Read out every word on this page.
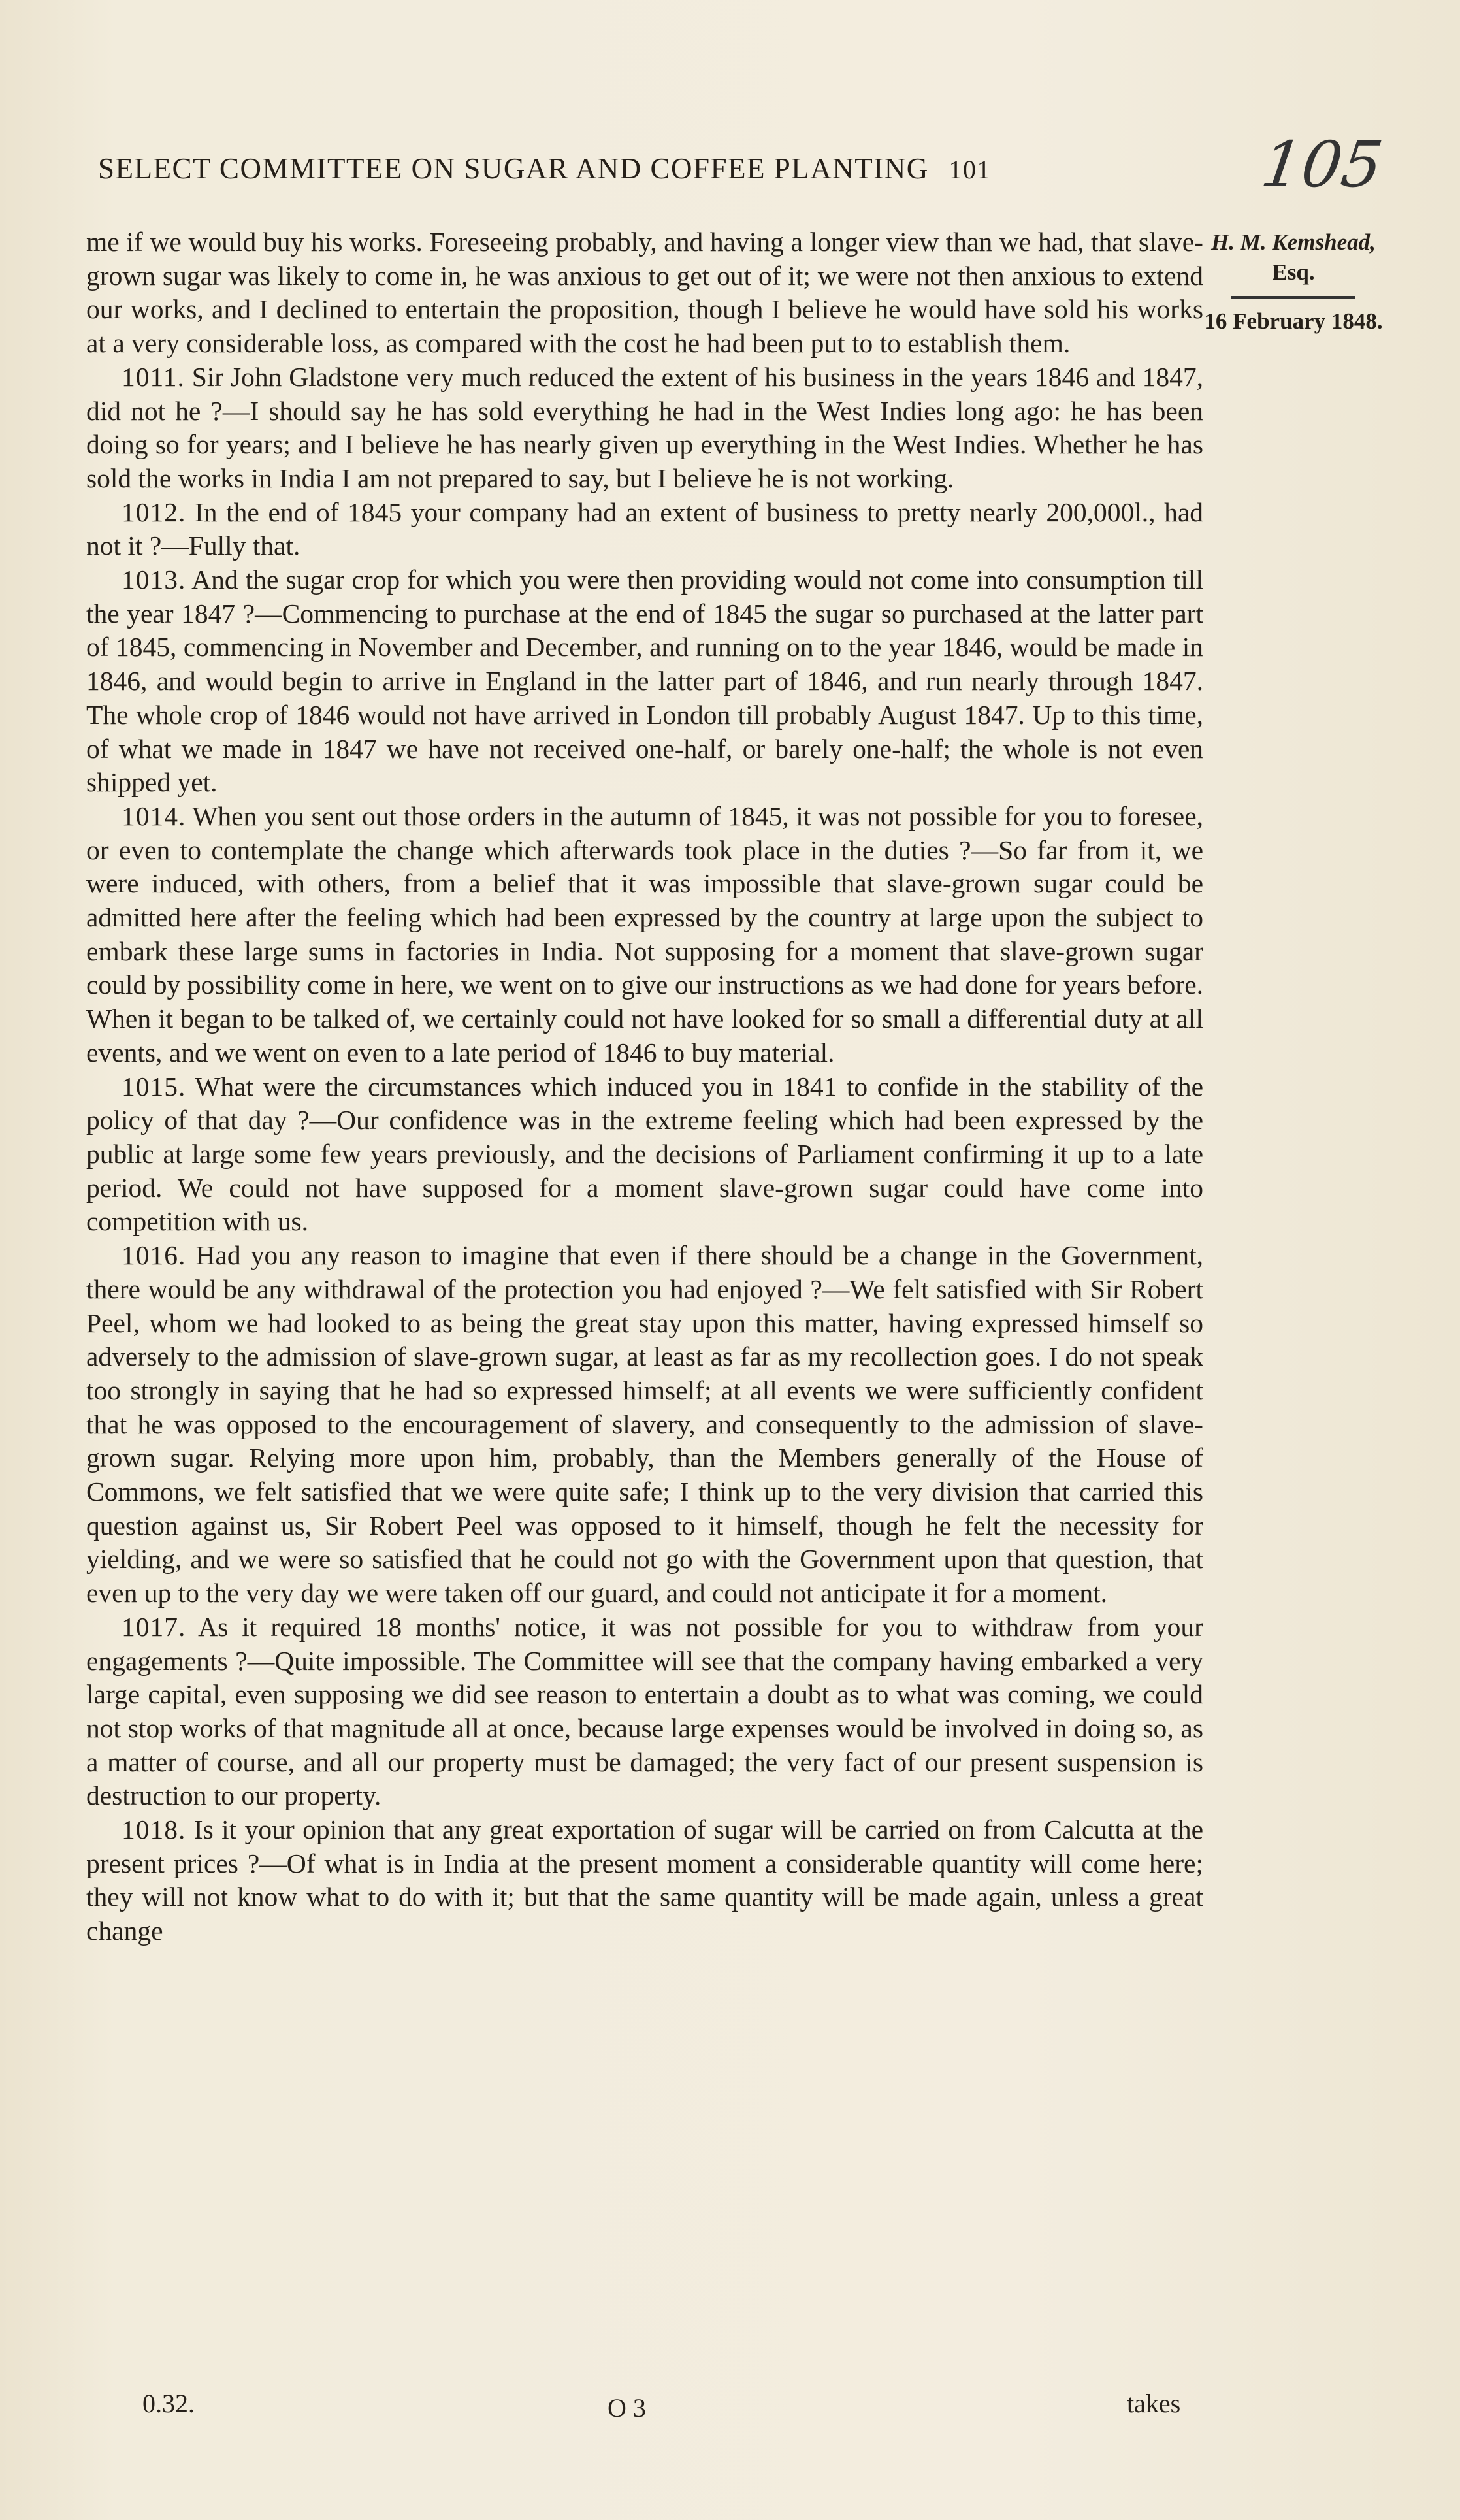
SELECT COMMITTEE ON SUGAR AND COFFEE PLANTING 101	105
H. M. Kemshead,
Esq.
16 February 1848.

me if we would buy his works. Foreseeing probably, and having a longer view than we had, that slave-grown sugar was likely to come in, he was anxious to get out of it; we were not then anxious to extend our works, and I declined to entertain the proposition, though I believe he would have sold his works at a very considerable loss, as compared with the cost he had been put to to establish them.

1011. Sir John Gladstone very much reduced the extent of his business in the years 1846 and 1847, did not he ?—I should say he has sold everything he had in the West Indies long ago: he has been doing so for years; and I believe he has nearly given up everything in the West Indies. Whether he has sold the works in India I am not prepared to say, but I believe he is not working.

1012. In the end of 1845 your company had an extent of business to pretty nearly 200,000l., had not it ?—Fully that.

1013. And the sugar crop for which you were then providing would not come into consumption till the year 1847 ?—Commencing to purchase at the end of 1845 the sugar so purchased at the latter part of 1845, commencing in November and December, and running on to the year 1846, would be made in 1846, and would begin to arrive in England in the latter part of 1846, and run nearly through 1847. The whole crop of 1846 would not have arrived in London till probably August 1847. Up to this time, of what we made in 1847 we have not received one-half, or barely one-half; the whole is not even shipped yet.

1014. When you sent out those orders in the autumn of 1845, it was not possible for you to foresee, or even to contemplate the change which afterwards took place in the duties ?—So far from it, we were induced, with others, from a belief that it was impossible that slave-grown sugar could be admitted here after the feeling which had been expressed by the country at large upon the subject to embark these large sums in factories in India. Not supposing for a moment that slave-grown sugar could by possibility come in here, we went on to give our instructions as we had done for years before. When it began to be talked of, we certainly could not have looked for so small a differential duty at all events, and we went on even to a late period of 1846 to buy material.

1015. What were the circumstances which induced you in 1841 to confide in the stability of the policy of that day ?—Our confidence was in the extreme feeling which had been expressed by the public at large some few years previously, and the decisions of Parliament confirming it up to a late period. We could not have supposed for a moment slave-grown sugar could have come into competition with us.

1016. Had you any reason to imagine that even if there should be a change in the Government, there would be any withdrawal of the protection you had enjoyed ?—We felt satisfied with Sir Robert Peel, whom we had looked to as being the great stay upon this matter, having expressed himself so adversely to the admission of slave-grown sugar, at least as far as my recollection goes. I do not speak too strongly in saying that he had so expressed himself; at all events we were sufficiently confident that he was opposed to the encouragement of slavery, and consequently to the admission of slave-grown sugar. Relying more upon him, probably, than the Members generally of the House of Commons, we felt satisfied that we were quite safe; I think up to the very division that carried this question against us, Sir Robert Peel was opposed to it himself, though he felt the necessity for yielding, and we were so satisfied that he could not go with the Government upon that question, that even up to the very day we were taken off our guard, and could not anticipate it for a moment.

1017. As it required 18 months' notice, it was not possible for you to withdraw from your engagements ?—Quite impossible. The Committee will see that the company having embarked a very large capital, even supposing we did see reason to entertain a doubt as to what was coming, we could not stop works of that magnitude all at once, because large expenses would be involved in doing so, as a matter of course, and all our property must be damaged; the very fact of our present suspension is destruction to our property.

1018. Is it your opinion that any great exportation of sugar will be carried on from Calcutta at the present prices ?—Of what is in India at the present moment a considerable quantity will come here; they will not know what to do with it; but that the same quantity will be made again, unless a great change

0.32.	O 3	takes
